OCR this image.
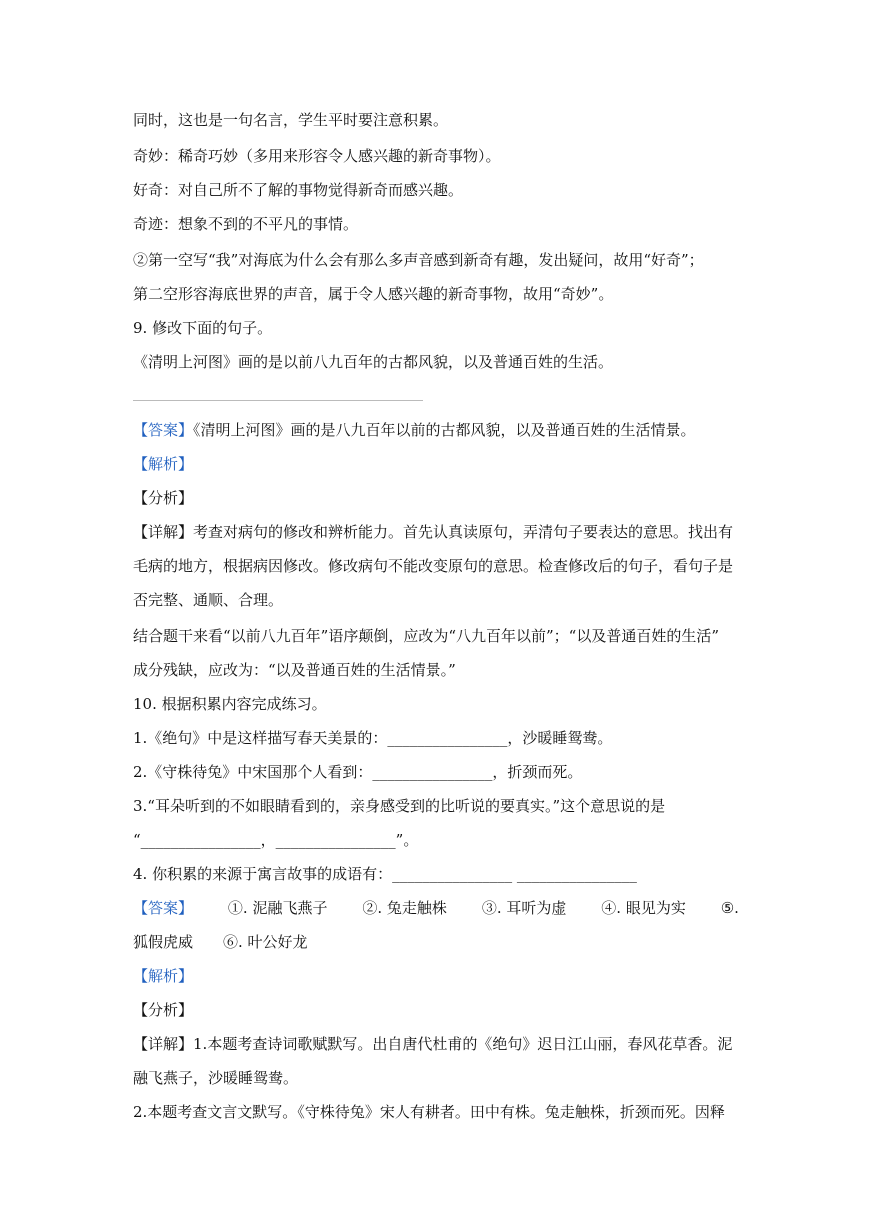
同时，这也是一句名言，学生平时要注意积累。
奇妙：稀奇巧妙（多用来形容令人感兴趣的新奇事物）。
好奇：对自己所不了解的事物觉得新奇而感兴趣。
奇迹：想象不到的不平凡的事情。
②第一空写“我”对海底为什么会有那么多声音感到新奇有趣，发出疑问，故用“好奇”；
第二空形容海底世界的声音，属于令人感兴趣的新奇事物，故用“奇妙”。
9. 修改下面的句子。
《清明上河图》画的是以前八九百年的古都风貌，以及普通百姓的生活。
【答案】《清明上河图》画的是八九百年以前的古都风貌，以及普通百姓的生活情景。
【解析】
【分析】
【详解】考查对病句的修改和辨析能力。首先认真读原句，弄清句子要表达的意思。找出有
毛病的地方，根据病因修改。修改病句不能改变原句的意思。检查修改后的句子，看句子是
否完整、通顺、合理。
结合题干来看“以前八九百年”语序颠倒，应改为“八九百年以前”；“以及普通百姓的生活”
成分残缺，应改为：“以及普通百姓的生活情景。”
10. 根据积累内容完成练习。
1.《绝句》中是这样描写春天美景的：________________，沙暖睡鸳鸯。
2.《守株待兔》中宋国那个人看到：________________，折颈而死。
3.“耳朵听到的不如眼睛看到的，亲身感受到的比听说的要真实。”这个意思说的是
“________________，________________”。
4. 你积累的来源于寓言故事的成语有：________________ ________________
【答案】 ①. 泥融飞燕子 ②. 兔走触株 ③. 耳听为虚 ④. 眼见为实 ⑤.
狐假虎威　　⑥. 叶公好龙
【解析】
【分析】
【详解】1.本题考查诗词歌赋默写。出自唐代杜甫的《绝句》迟日江山丽，春风花草香。泥
融飞燕子，沙暖睡鸳鸯。
2.本题考查文言文默写。《守株待兔》宋人有耕者。田中有株。兔走触株，折颈而死。因释
